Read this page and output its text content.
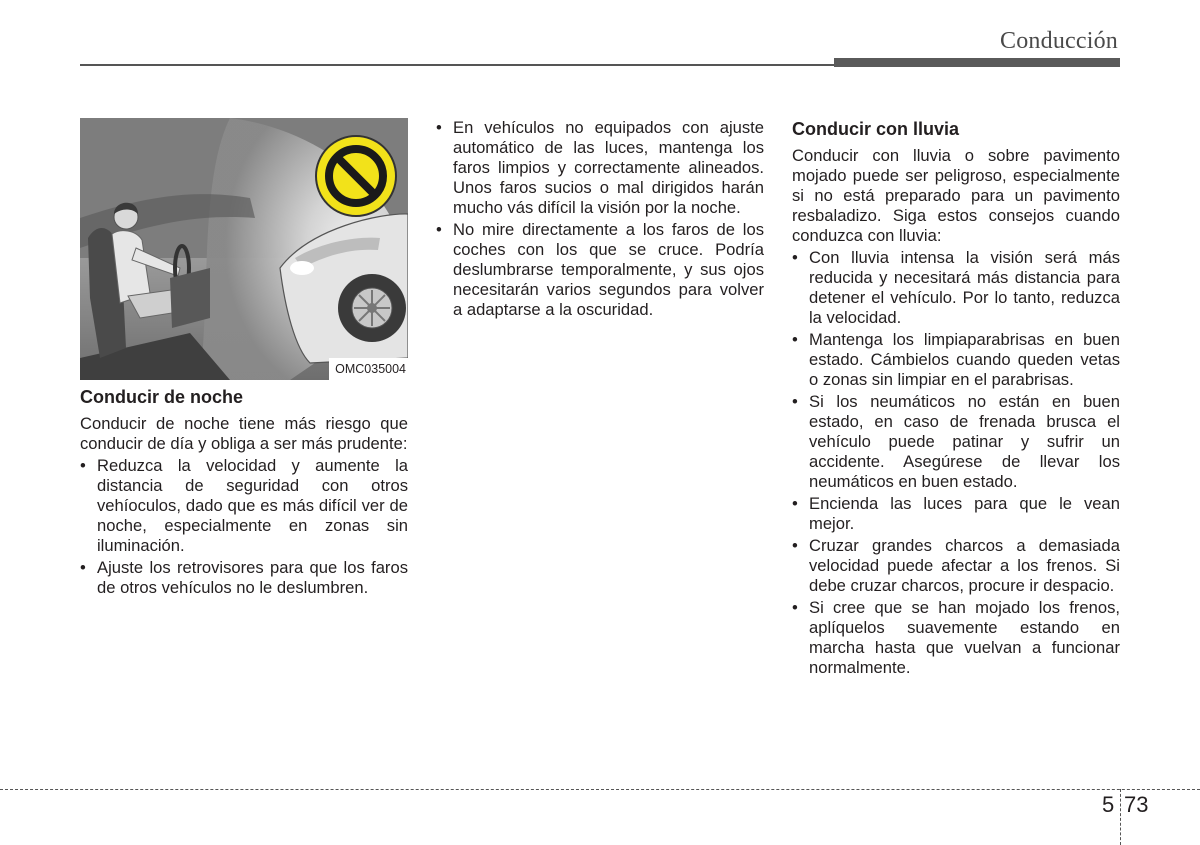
Conducción
OMC035004
Conducir de noche

Conducir de noche tiene más riesgo que conducir de día y obliga a ser más prudente:

• Reduzca la velocidad y aumente la distancia de seguridad con otros vehíoculos, dado que es más difícil ver de noche, especialmente en zonas sin iluminación.
• Ajuste los retrovisores para que los faros de otros vehículos no le deslumbren.
• En vehículos no equipados con ajuste automático de las luces, mantenga los faros limpios y correctamente alineados. Unos faros sucios o mal dirigidos harán mucho vás difícil la visión por la noche.
• No mire directamente a los faros de los coches con los que se cruce. Podría deslumbrarse temporalmente, y sus ojos necesitarán varios segundos para volver a adaptarse a la oscuridad.
Conducir con lluvia

Conducir con lluvia o sobre pavimento mojado puede ser peligroso, especialmente si no está preparado para un pavimento resbaladizo. Siga estos consejos cuando conduzca con lluvia:

• Con lluvia intensa la visión será más reducida y necesitará más distancia para detener el vehículo. Por lo tanto, reduzca la velocidad.
• Mantenga los limpiaparabrisas en buen estado. Cámbielos cuando queden vetas o zonas sin limpiar en el parabrisas.
• Si los neumáticos no están en buen estado, en caso de frenada brusca el vehículo puede patinar y sufrir un accidente. Asegúrese de llevar los neumáticos en buen estado.
• Encienda las luces para que le vean mejor.
• Cruzar grandes charcos a demasiada velocidad puede afectar a los frenos. Si debe cruzar charcos, procure ir despacio.
• Si cree que se han mojado los frenos, aplíquelos suavemente estando en marcha hasta que vuelvan a funcionar normalmente.
5 73
